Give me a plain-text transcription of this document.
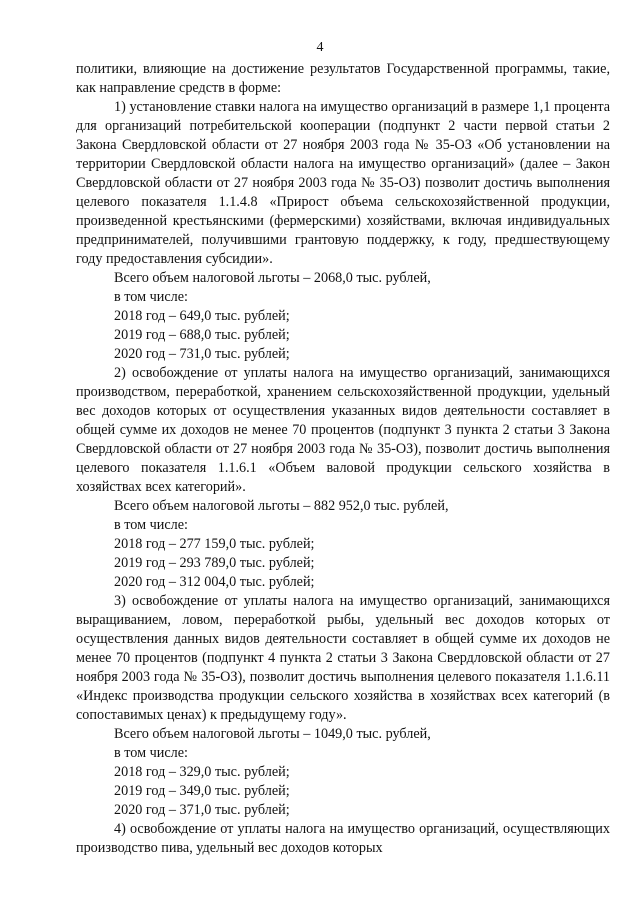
4

политики, влияющие на достижение результатов Государственной программы, такие, как направление средств в форме:

1) установление ставки налога на имущество организаций в размере 1,1 процента для организаций потребительской кооперации (подпункт 2 части первой статьи 2 Закона Свердловской области от 27 ноября 2003 года № 35-ОЗ «Об установлении на территории Свердловской области налога на имущество организаций» (далее – Закон Свердловской области от 27 ноября 2003 года № 35-ОЗ) позволит достичь выполнения целевого показателя 1.1.4.8 «Прирост объема сельскохозяйственной продукции, произведенной крестьянскими (фермерскими) хозяйствами, включая индивидуальных предпринимателей, получившими грантовую поддержку, к году, предшествующему году предоставления субсидии».

Всего объем налоговой льготы – 2068,0 тыс. рублей,

в том числе:

2018 год – 649,0 тыс. рублей;

2019 год – 688,0 тыс. рублей;

2020 год – 731,0 тыс. рублей;

2) освобождение от уплаты налога на имущество организаций, занимающихся производством, переработкой, хранением сельскохозяйственной продукции, удельный вес доходов которых от осуществления указанных видов деятельности составляет в общей сумме их доходов не менее 70 процентов (подпункт 3 пункта 2 статьи 3 Закона Свердловской области от 27 ноября 2003 года № 35-ОЗ), позволит достичь выполнения целевого показателя 1.1.6.1 «Объем валовой продукции сельского хозяйства в хозяйствах всех категорий».

Всего объем налоговой льготы – 882 952,0 тыс. рублей,

в том числе:

2018 год – 277 159,0 тыс. рублей;

2019 год – 293 789,0 тыс. рублей;

2020 год – 312 004,0 тыс. рублей;

3) освобождение от уплаты налога на имущество организаций, занимающихся выращиванием, ловом, переработкой рыбы, удельный вес доходов которых от осуществления данных видов деятельности составляет в общей сумме их доходов не менее 70 процентов (подпункт 4 пункта 2 статьи 3 Закона Свердловской области от 27 ноября 2003 года № 35-ОЗ), позволит достичь выполнения целевого показателя 1.1.6.11 «Индекс производства продукции сельского хозяйства в хозяйствах всех категорий (в сопоставимых ценах) к предыдущему году».

Всего объем налоговой льготы – 1049,0 тыс. рублей,

в том числе:

2018 год – 329,0 тыс. рублей;

2019 год – 349,0 тыс. рублей;

2020 год – 371,0 тыс. рублей;

4) освобождение от уплаты налога на имущество организаций, осуществляющих производство пива, удельный вес доходов которых
